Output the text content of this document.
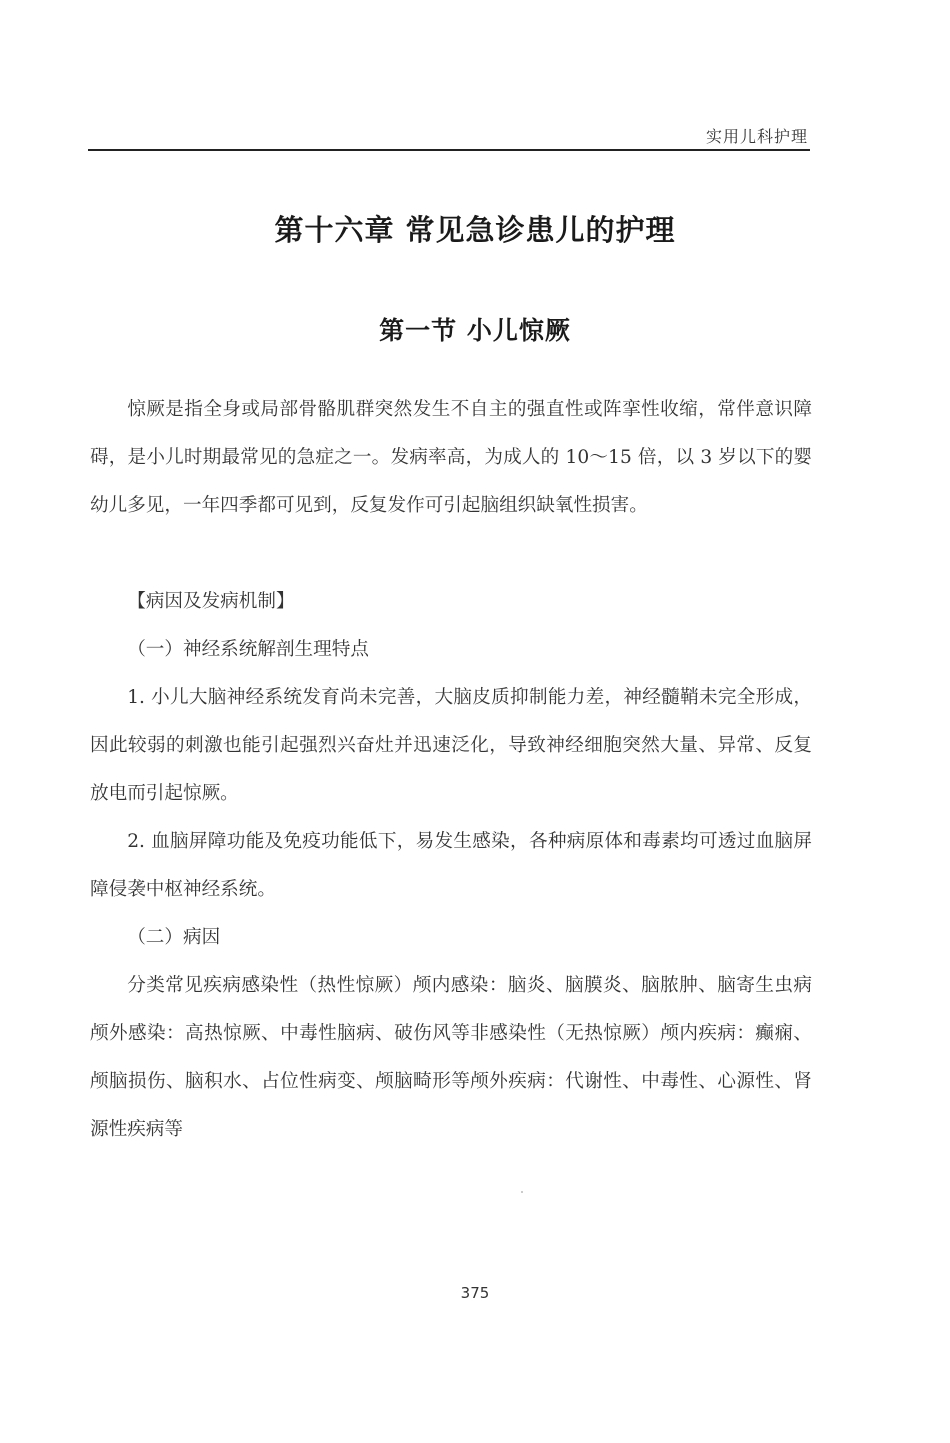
实用儿科护理
第十六章 常见急诊患儿的护理
第一节 小儿惊厥

惊厥是指全身或局部骨骼肌群突然发生不自主的强直性或阵挛性收缩，常伴意识障碍，是小儿时期最常见的急症之一。发病率高，为成人的 10～15 倍，以 3 岁以下的婴幼儿多见，一年四季都可见到，反复发作可引起脑组织缺氧性损害。

【病因及发病机制】

（一）神经系统解剖生理特点

1. 小儿大脑神经系统发育尚未完善，大脑皮质抑制能力差，神经髓鞘未完全形成，因此较弱的刺激也能引起强烈兴奋灶并迅速泛化，导致神经细胞突然大量、异常、反复放电而引起惊厥。

2. 血脑屏障功能及免疫功能低下，易发生感染，各种病原体和毒素均可透过血脑屏障侵袭中枢神经系统。

（二）病因

分类常见疾病感染性（热性惊厥）颅内感染：脑炎、脑膜炎、脑脓肿、脑寄生虫病颅外感染：高热惊厥、中毒性脑病、破伤风等非感染性（无热惊厥）颅内疾病：癫痫、颅脑损伤、脑积水、占位性病变、颅脑畸形等颅外疾病：代谢性、中毒性、心源性、肾源性疾病等

375
